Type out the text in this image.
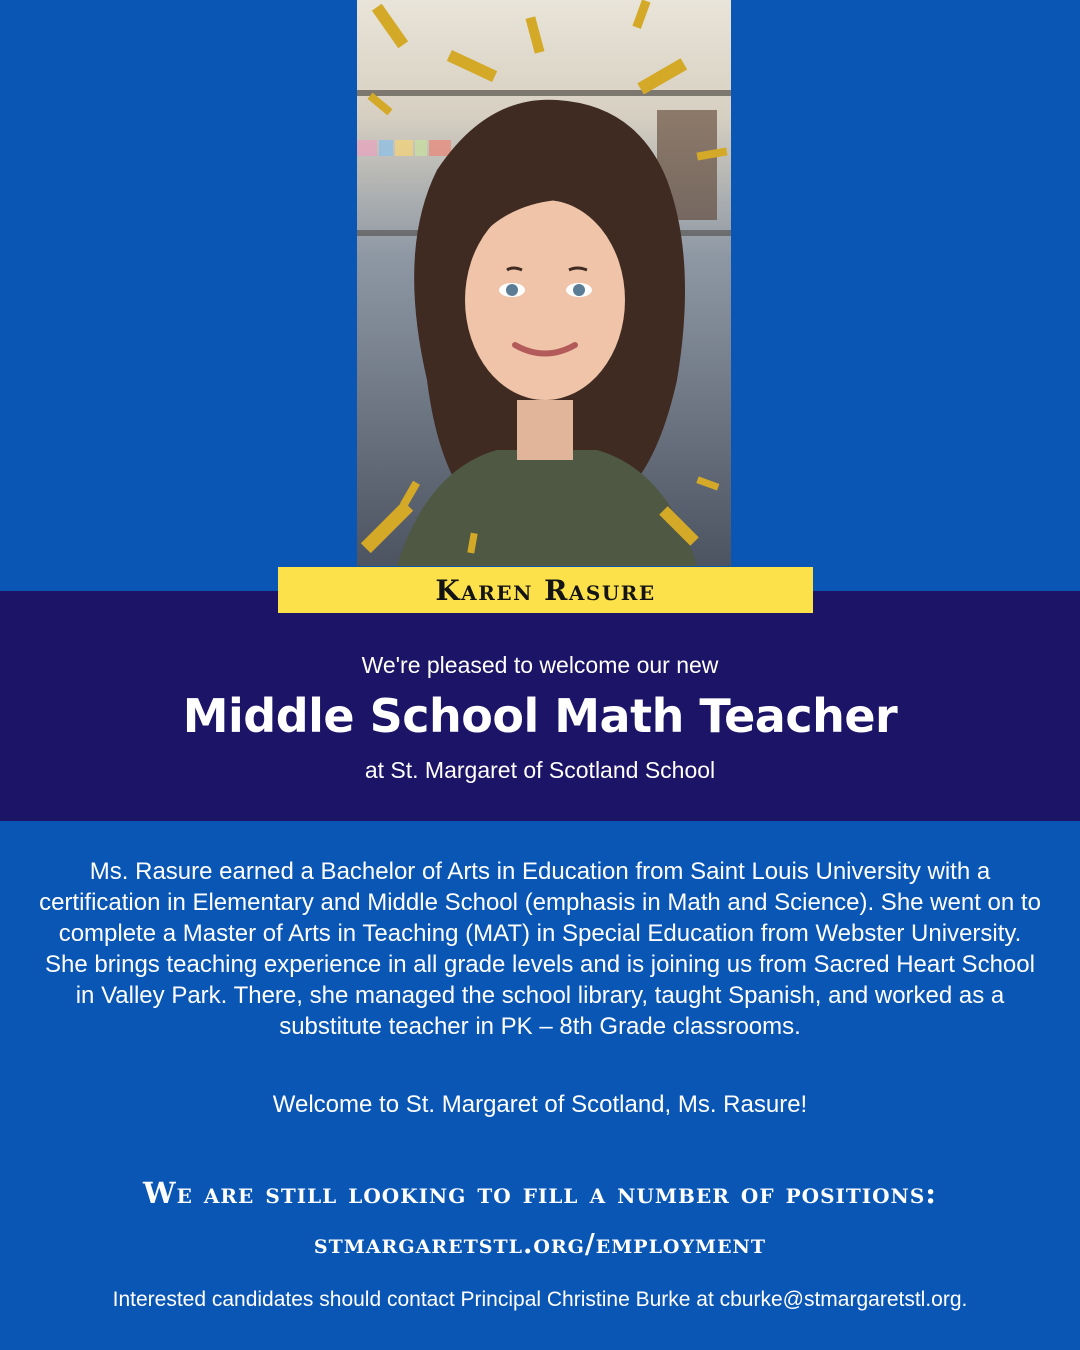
Karen Rasure
We're pleased to welcome our new
Middle School Math Teacher
at St. Margaret of Scotland School

Ms. Rasure earned a Bachelor of Arts in Education from Saint Louis University with a certification in Elementary and Middle School (emphasis in Math and Science). She went on to complete a Master of Arts in Teaching (MAT) in Special Education from Webster University. She brings teaching experience in all grade levels and is joining us from Sacred Heart School in Valley Park. There, she managed the school library, taught Spanish, and worked as a substitute teacher in PK – 8th Grade classrooms.

Welcome to St. Margaret of Scotland, Ms. Rasure!
We are still looking to fill a number of positions:
stmargaretstl.org/employment
Interested candidates should contact Principal Christine Burke at cburke@stmargaretstl.org.
